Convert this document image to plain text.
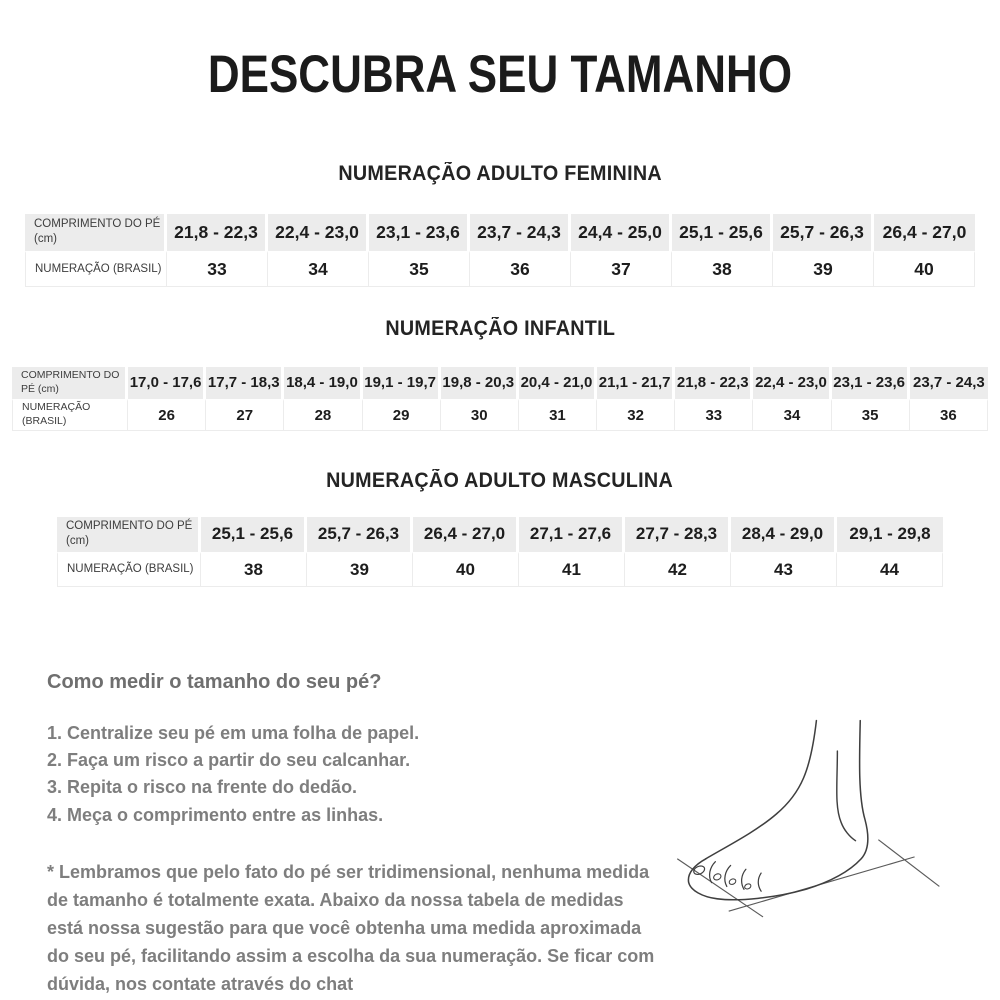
DESCUBRA SEU TAMANHO
NUMERAÇÃO ADULTO FEMININA
COMPRIMENTO DO PÉ (cm)	21,8 - 22,3	22,4 - 23,0	23,1 - 23,6	23,7 - 24,3	24,4 - 25,0	25,1 - 25,6	25,7 - 26,3	26,4 - 27,0
NUMERAÇÃO (BRASIL)	33	34	35	36	37	38	39	40
NUMERAÇÃO INFANTIL
COMPRIMENTO DO PÉ (cm)	17,0 - 17,6	17,7 - 18,3	18,4 - 19,0	19,1 - 19,7	19,8 - 20,3	20,4 - 21,0	21,1 - 21,7	21,8 - 22,3	22,4 - 23,0	23,1 - 23,6	23,7 - 24,3
NUMERAÇÃO (BRASIL)	26	27	28	29	30	31	32	33	34	35	36
NUMERAÇÃO ADULTO MASCULINA
COMPRIMENTO DO PÉ (cm)	25,1 - 25,6	25,7 - 26,3	26,4 - 27,0	27,1 - 27,6	27,7 - 28,3	28,4 - 29,0	29,1 - 29,8
NUMERAÇÃO (BRASIL)	38	39	40	41	42	43	44
Como medir o tamanho do seu pé?
1. Centralize seu pé em uma folha de papel.
2. Faça um risco a partir do seu calcanhar.
3. Repita o risco na frente do dedão.
4. Meça o comprimento entre as linhas.

* Lembramos que pelo fato do pé ser tridimensional, nenhuma medida de tamanho é totalmente exata. Abaixo da nossa tabela de medidas está nossa sugestão para que você obtenha uma medida aproximada do seu pé, facilitando assim a escolha da sua numeração. Se ficar com dúvida, nos contate através do chat
